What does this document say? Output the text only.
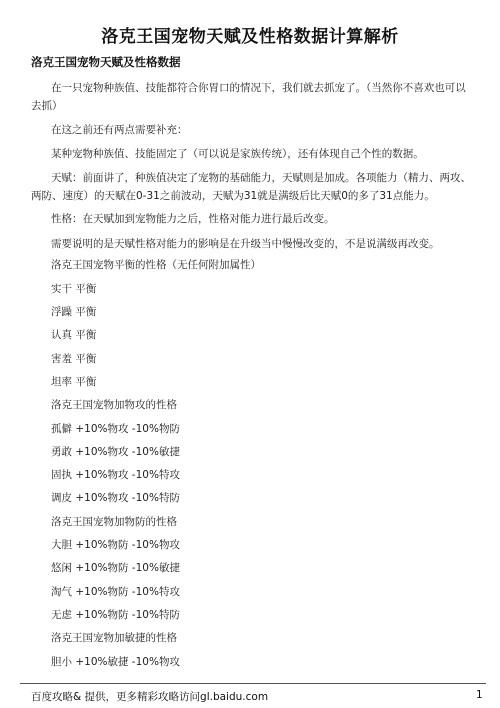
洛克王国宠物天赋及性格数据计算解析
洛克王国宠物天赋及性格数据

在一只宠物种族值、技能都符合你胃口的情况下，我们就去抓宠了。（当然你不喜欢也可以去抓）

在这之前还有两点需要补充：

某种宠物种族值、技能固定了（可以说是家族传统），还有体现自己个性的数据。

天赋：前面讲了，种族值决定了宠物的基础能力，天赋则是加成。各项能力（精力、两攻、两防、速度）的天赋在0-31之前波动，天赋为31就是满级后比天赋0的多了31点能力。

性格：在天赋加到宠物能力之后，性格对能力进行最后改变。

需要说明的是天赋性格对能力的影响是在升级当中慢慢改变的，不是说满级再改变。

洛克王国宠物平衡的性格（无任何附加属性）

实干 平衡

浮躁 平衡

认真 平衡

害羞 平衡

坦率 平衡

洛克王国宠物加物攻的性格

孤僻 +10%物攻 -10%物防

勇敢 +10%物攻 -10%敏捷

固执 +10%物攻 -10%特攻

调皮 +10%物攻 -10%特防

洛克王国宠物加物防的性格

大胆 +10%物防 -10%物攻

悠闲 +10%物防 -10%敏捷

淘气 +10%物防 -10%特攻

无虑 +10%物防 -10%特防

洛克王国宠物加敏捷的性格

胆小 +10%敏捷 -10%物攻

百度攻略& 提供，更多精彩攻略访问gl.baidu.com	1
